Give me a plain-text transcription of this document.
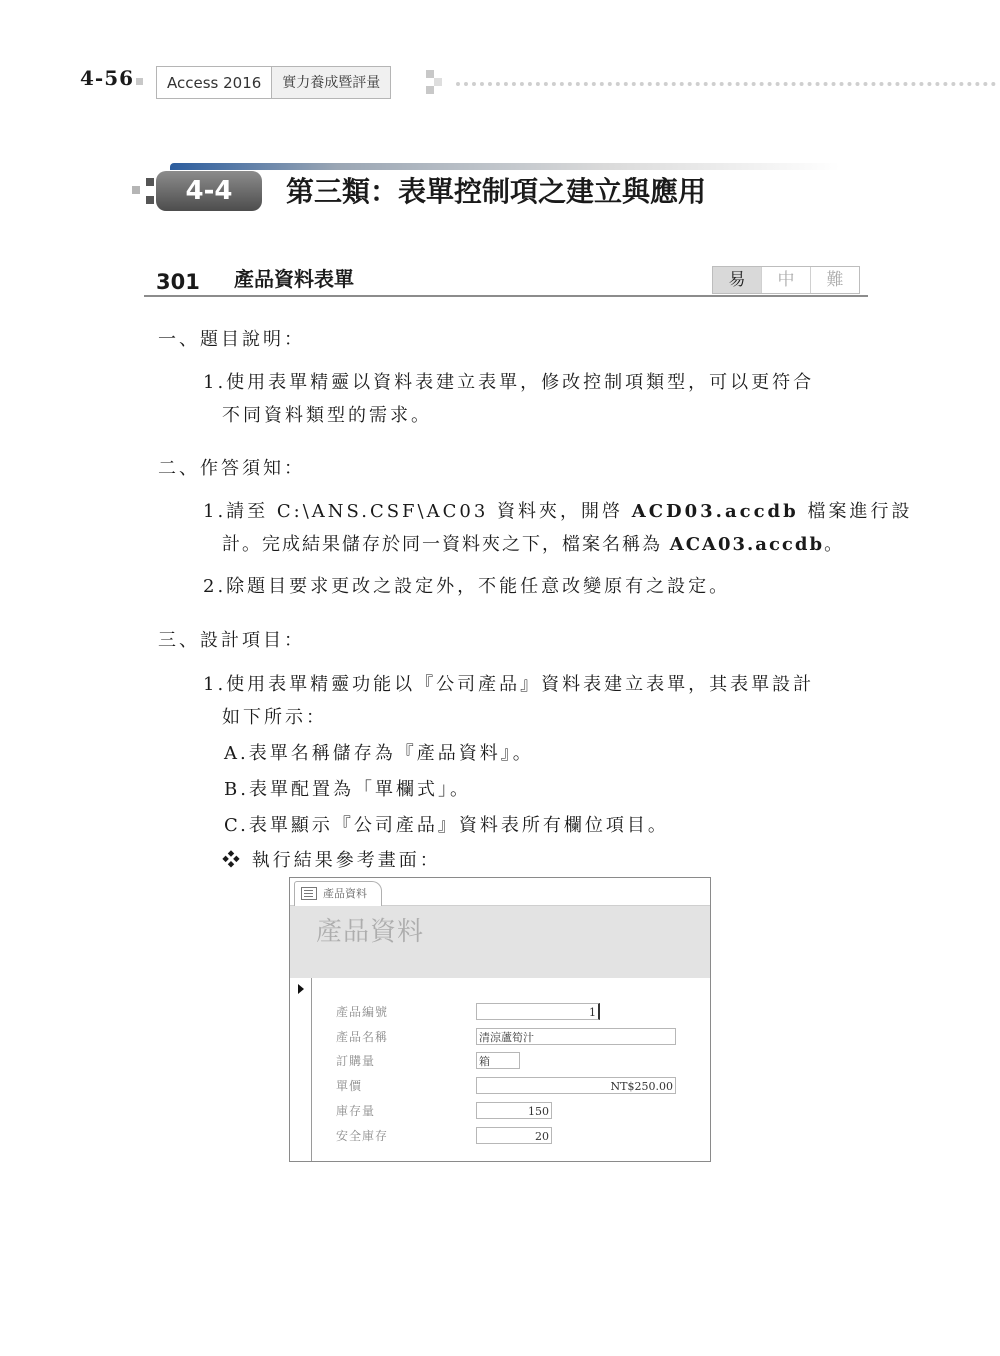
4-56	Access 2016	實力養成暨評量
4-4	第三類：表單控制項之建立與應用
301 產品資料表單	易	中	難
一、題目說明：
1.使用表單精靈以資料表建立表單，修改控制項類型，可以更符合
不同資料類型的需求。
二、作答須知：
1.請至 C:\ANS.CSF\AC03 資料夾，開啓 ACD03.accdb 檔案進行設
計。完成結果儲存於同一資料夾之下，檔案名稱為 ACA03.accdb。
2.除題目要求更改之設定外，不能任意改變原有之設定。
三、設計項目：
1.使用表單精靈功能以『公司產品』資料表建立表單，其表單設計
如下所示：
A.表單名稱儲存為『產品資料』。
B.表單配置為「單欄式」。
C.表單顯示『公司產品』資料表所有欄位項目。
❖ 執行結果參考畫面：
產品資料
產品資料
產品編號	1
產品名稱	清涼蘆筍汁
訂購量	箱
單價	NT$250.00
庫存量	150
安全庫存	20
